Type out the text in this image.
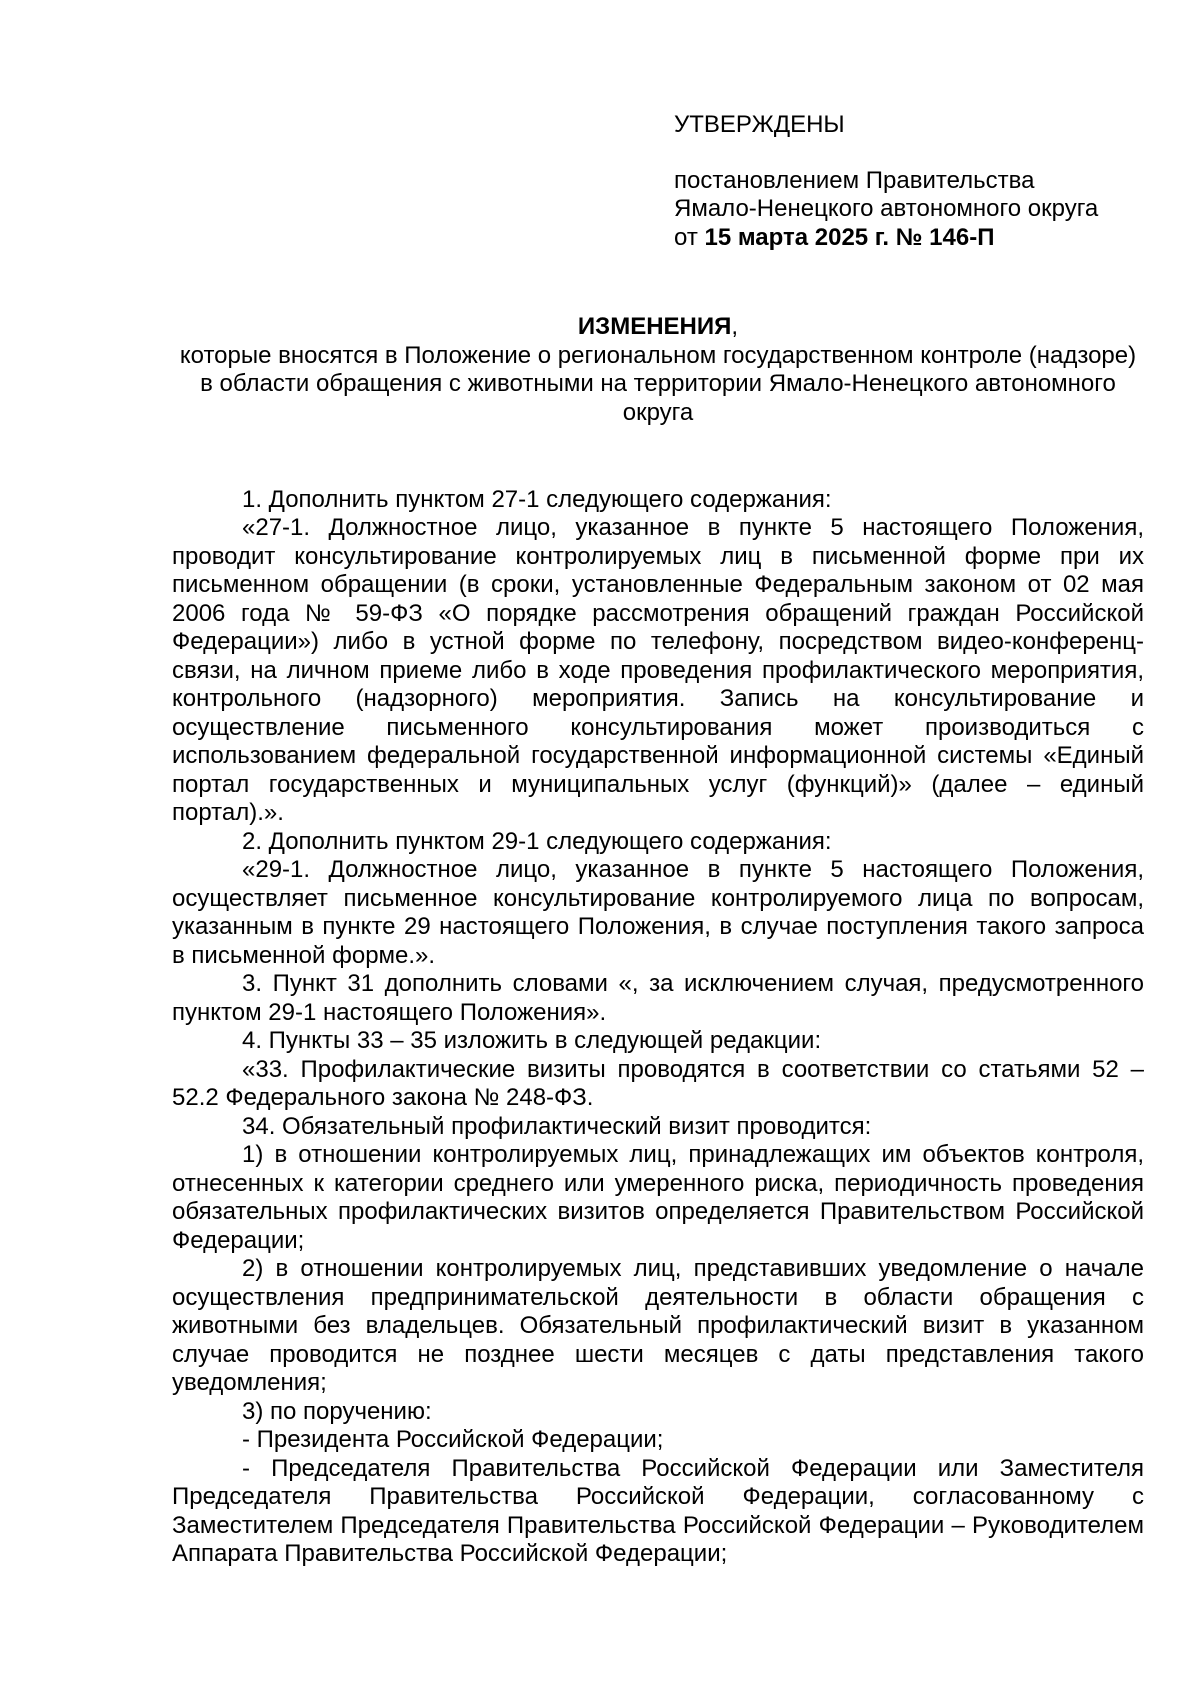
УТВЕРЖДЕНЫ
постановлением Правительства
Ямало-Ненецкого автономного округа
от 15 марта 2025 г. № 146-П
ИЗМЕНЕНИЯ,
которые вносятся в Положение о региональном государственном контроле (надзоре) в области обращения с животными на территории Ямало-Ненецкого автономного округа

1. Дополнить пунктом 27-1 следующего содержания:

«27-1. Должностное лицо, указанное в пункте 5 настоящего Положения, проводит консультирование контролируемых лиц в письменной форме при их письменном обращении (в сроки, установленные Федеральным законом от 02 мая 2006 года № 59-ФЗ «О порядке рассмотрения обращений граждан Российской Федерации») либо в устной форме по телефону, посредством видео-конференц-связи, на личном приеме либо в ходе проведения профилактического мероприятия, контрольного (надзорного) мероприятия. Запись на консультирование и осуществление письменного консультирования может производиться с использованием федеральной государственной информационной системы «Единый портал государственных и муниципальных услуг (функций)» (далее – единый портал).».

2. Дополнить пунктом 29-1 следующего содержания:

«29-1. Должностное лицо, указанное в пункте 5 настоящего Положения, осуществляет письменное консультирование контролируемого лица по вопросам, указанным в пункте 29 настоящего Положения, в случае поступления такого запроса в письменной форме.».

3. Пункт 31 дополнить словами «, за исключением случая, предусмотренного пунктом 29-1 настоящего Положения».

4. Пункты 33 – 35 изложить в следующей редакции:

«33. Профилактические визиты проводятся в соответствии со статьями 52 – 52.2 Федерального закона № 248-ФЗ.

34. Обязательный профилактический визит проводится:

1) в отношении контролируемых лиц, принадлежащих им объектов контроля, отнесенных к категории среднего или умеренного риска, периодичность проведения обязательных профилактических визитов определяется Правительством Российской Федерации;

2) в отношении контролируемых лиц, представивших уведомление о начале осуществления предпринимательской деятельности в области обращения с животными без владельцев. Обязательный профилактический визит в указанном случае проводится не позднее шести месяцев с даты представления такого уведомления;

3) по поручению:

- Президента Российской Федерации;

- Председателя Правительства Российской Федерации или Заместителя Председателя Правительства Российской Федерации, согласованному с Заместителем Председателя Правительства Российской Федерации – Руководителем Аппарата Правительства Российской Федерации;
